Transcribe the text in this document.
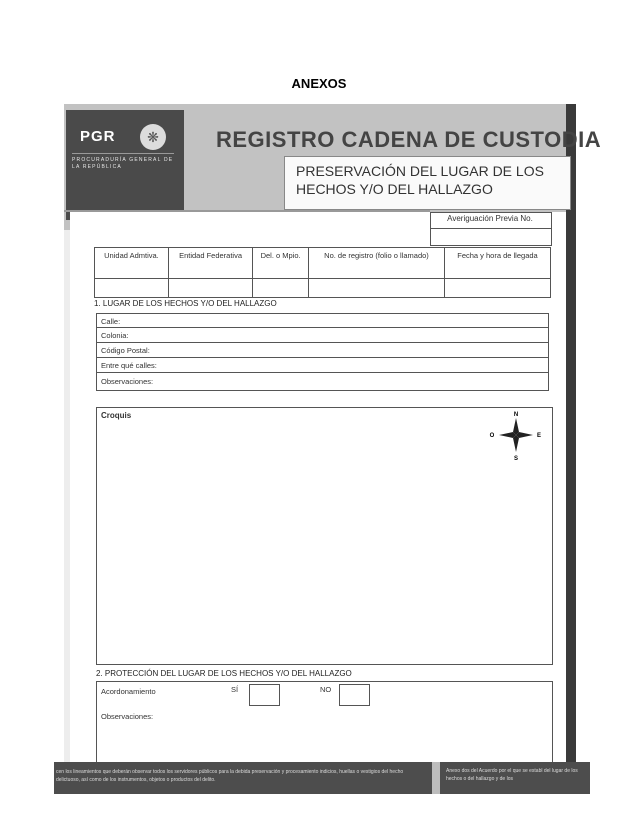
ANEXOS
PGR	❋
PROCURADURÍA GENERAL DE LA REPÚBLICA
REGISTRO CADENA DE CUSTODIA
PRESERVACIÓN DEL LUGAR DE LOS HECHOS Y/O DEL HALLAZGO
Averiguación Previa No.
Unidad Admtiva.	Entidad Federativa	Del. o Mpio.	No. de registro (folio o llamado)	Fecha y hora de llegada

1. LUGAR DE LOS HECHOS Y/O DEL HALLAZGO
Calle:
Colonia:
Código Postal:
Entre qué calles:
Observaciones:
Croquis	N
S
E
O
2. PROTECCIÓN DEL LUGAR DE LOS HECHOS Y/O DEL HALLAZGO
Acordonamiento	SÍ	NO
Observaciones:
cen los lineamientos que deberán observar todos los servidores públicos para la debida preservación y procesamiento indicios, huellas o vestigios del hecho delictuoso, así como de los instrumentos, objetos o productos del delito.
Anexo dos del Acuerdo por el que se establ del lugar de los hechos o del hallazgo y de los
